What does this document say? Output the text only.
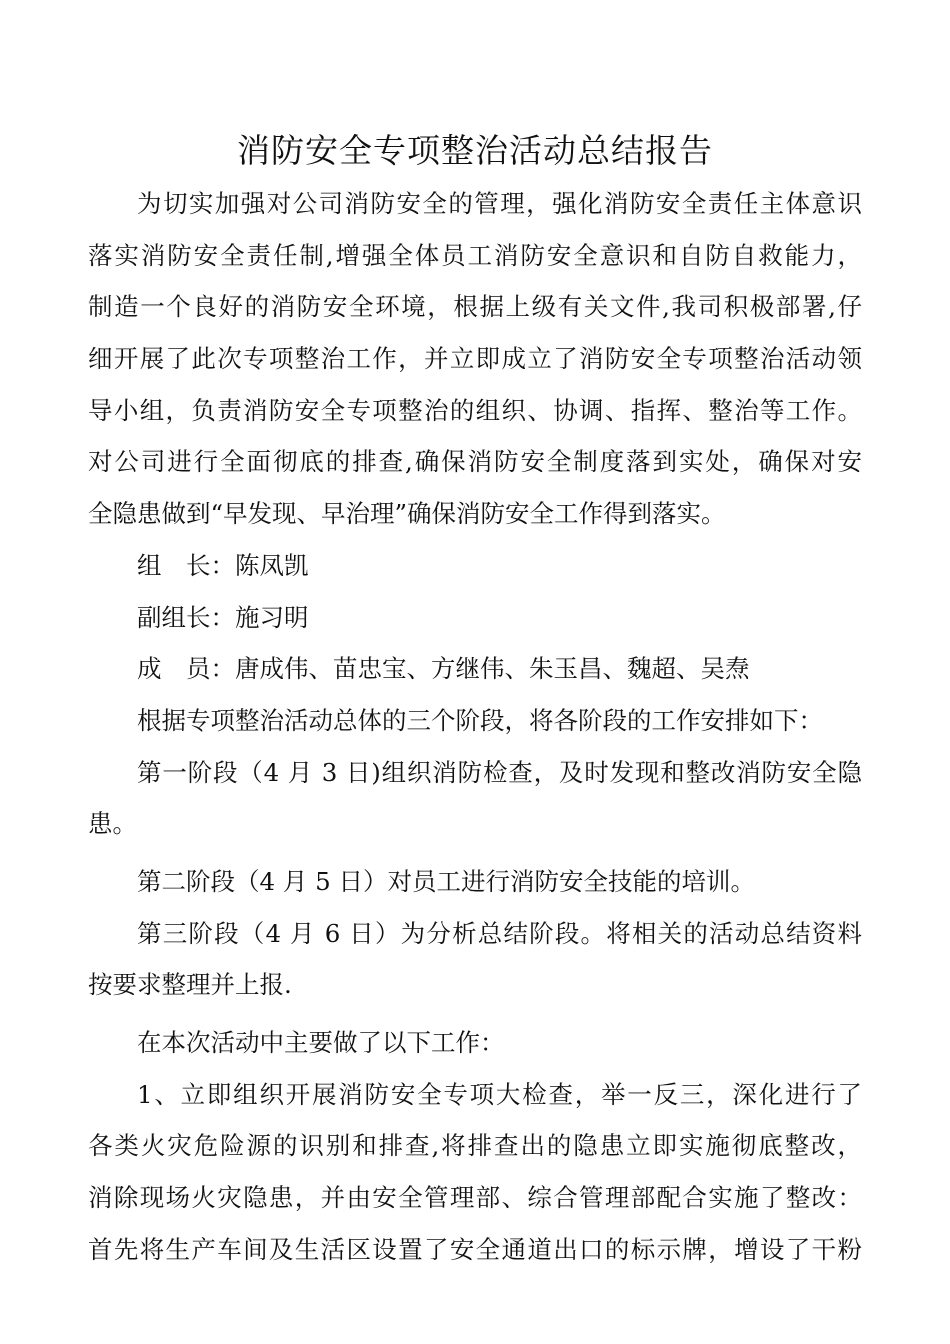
消防安全专项整治活动总结报告
为切实加强对公司消防安全的管理，强化消防安全责任主体意识
落实消防安全责任制,增强全体员工消防安全意识和自防自救能力，
制造一个良好的消防安全环境，根据上级有关文件,我司积极部署,仔
细开展了此次专项整治工作，并立即成立了消防安全专项整治活动领
导小组，负责消防安全专项整治的组织、协调、指挥、整治等工作。
对公司进行全面彻底的排查,确保消防安全制度落到实处，确保对安
全隐患做到“早发现、早治理”确保消防安全工作得到落实。
组　长：陈凤凯
副组长：施习明
成　员：唐成伟、苗忠宝、方继伟、朱玉昌、魏超、吴焘
根据专项整治活动总体的三个阶段，将各阶段的工作安排如下：
第一阶段（4 月 3 日)组织消防检查，及时发现和整改消防安全隐
患。
第二阶段（4 月 5 日）对员工进行消防安全技能的培训。
第三阶段（4 月 6 日）为分析总结阶段。将相关的活动总结资料
按要求整理并上报.
在本次活动中主要做了以下工作：
1、立即组织开展消防安全专项大检查，举一反三，深化进行了
各类火灾危险源的识别和排查,将排查出的隐患立即实施彻底整改，
消除现场火灾隐患，并由安全管理部、综合管理部配合实施了整改：
首先将生产车间及生活区设置了安全通道出口的标示牌，增设了干粉
